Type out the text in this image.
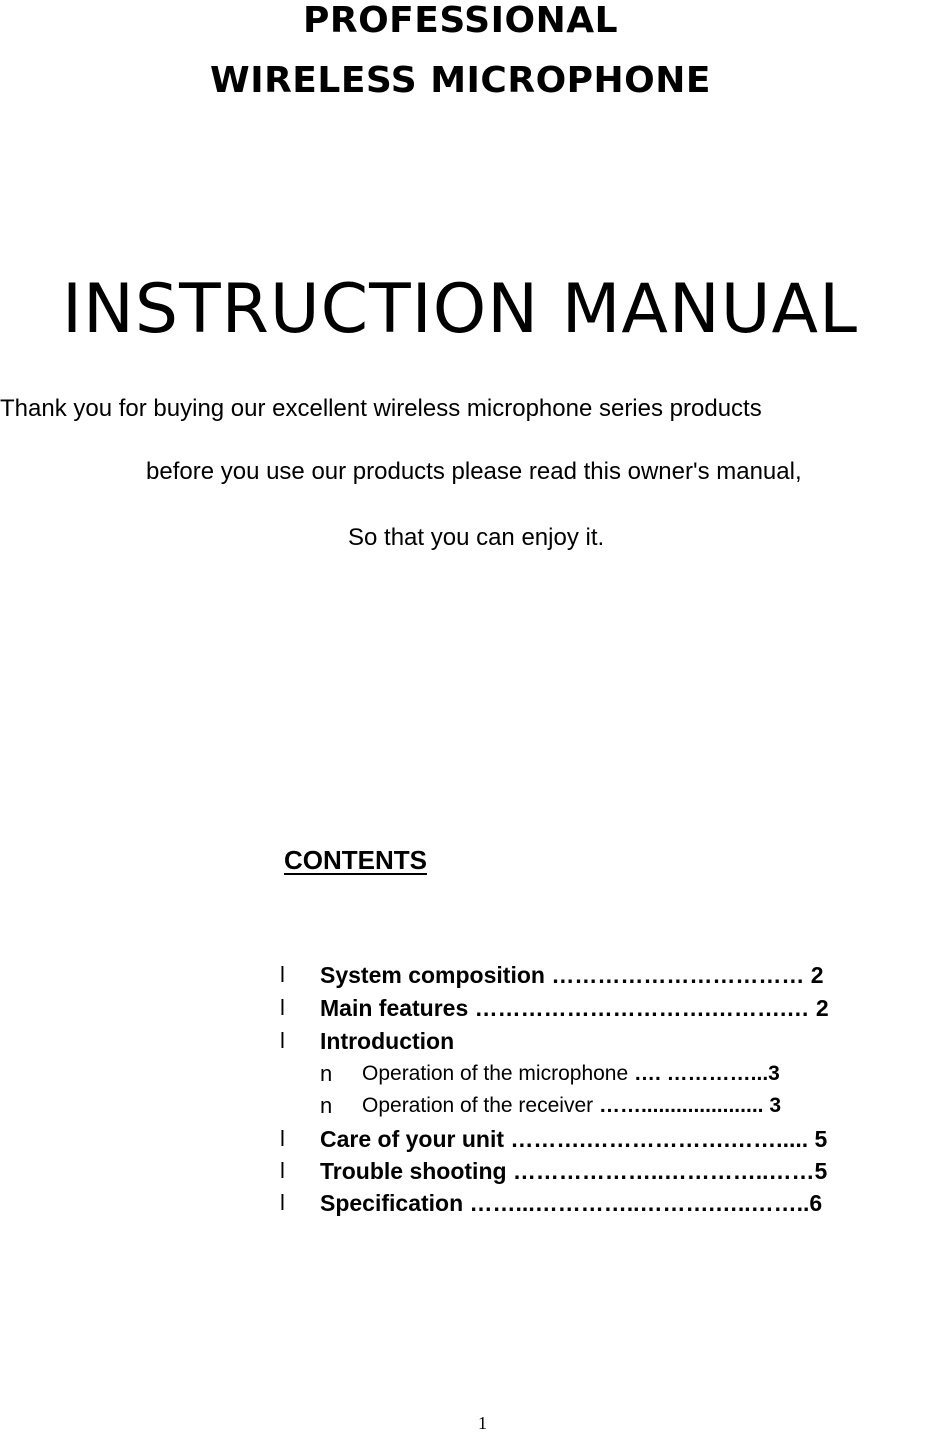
PROFESSIONAL
WIRELESS MICROPHONE
INSTRUCTION MANUAL
Thank you for buying our excellent wireless microphone series products
before you use our products please read this owner's manual,
So that you can enjoy it.
CONTENTS
l System composition …………………………… 2
l Main features ………………………….……….… 2
l Introduction
n Operation of the microphone …. …………...3
n Operation of the receiver ……..................... 3
l Care of your unit ……….……………….……..... 5
l Trouble shooting ………………..…………..……5
l Specification ……...…………..……….…..……..6
1
